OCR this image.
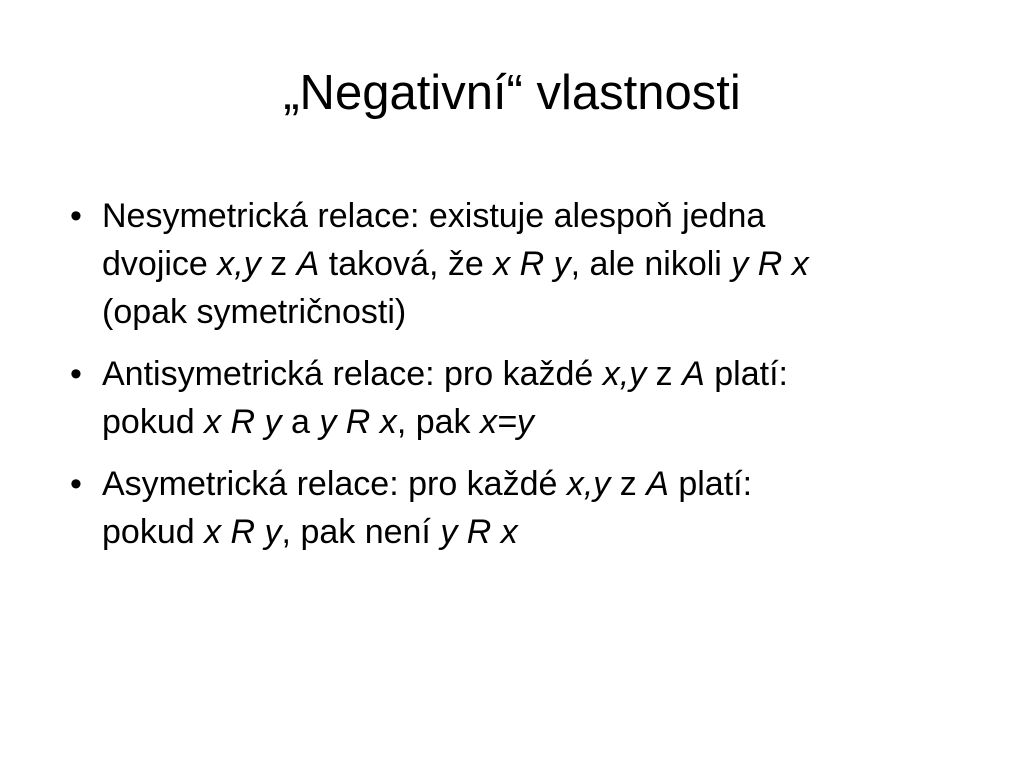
„Negativní“ vlastnosti
• Nesymetrická relace: existuje alespoň jedna
dvojice x,y z A taková, že x R y, ale nikoli y R x
(opak symetričnosti)
• Antisymetrická relace: pro každé x,y z A platí:
pokud x R y a y R x, pak x=y
• Asymetrická relace: pro každé x,y z A platí:
pokud x R y, pak není y R x
